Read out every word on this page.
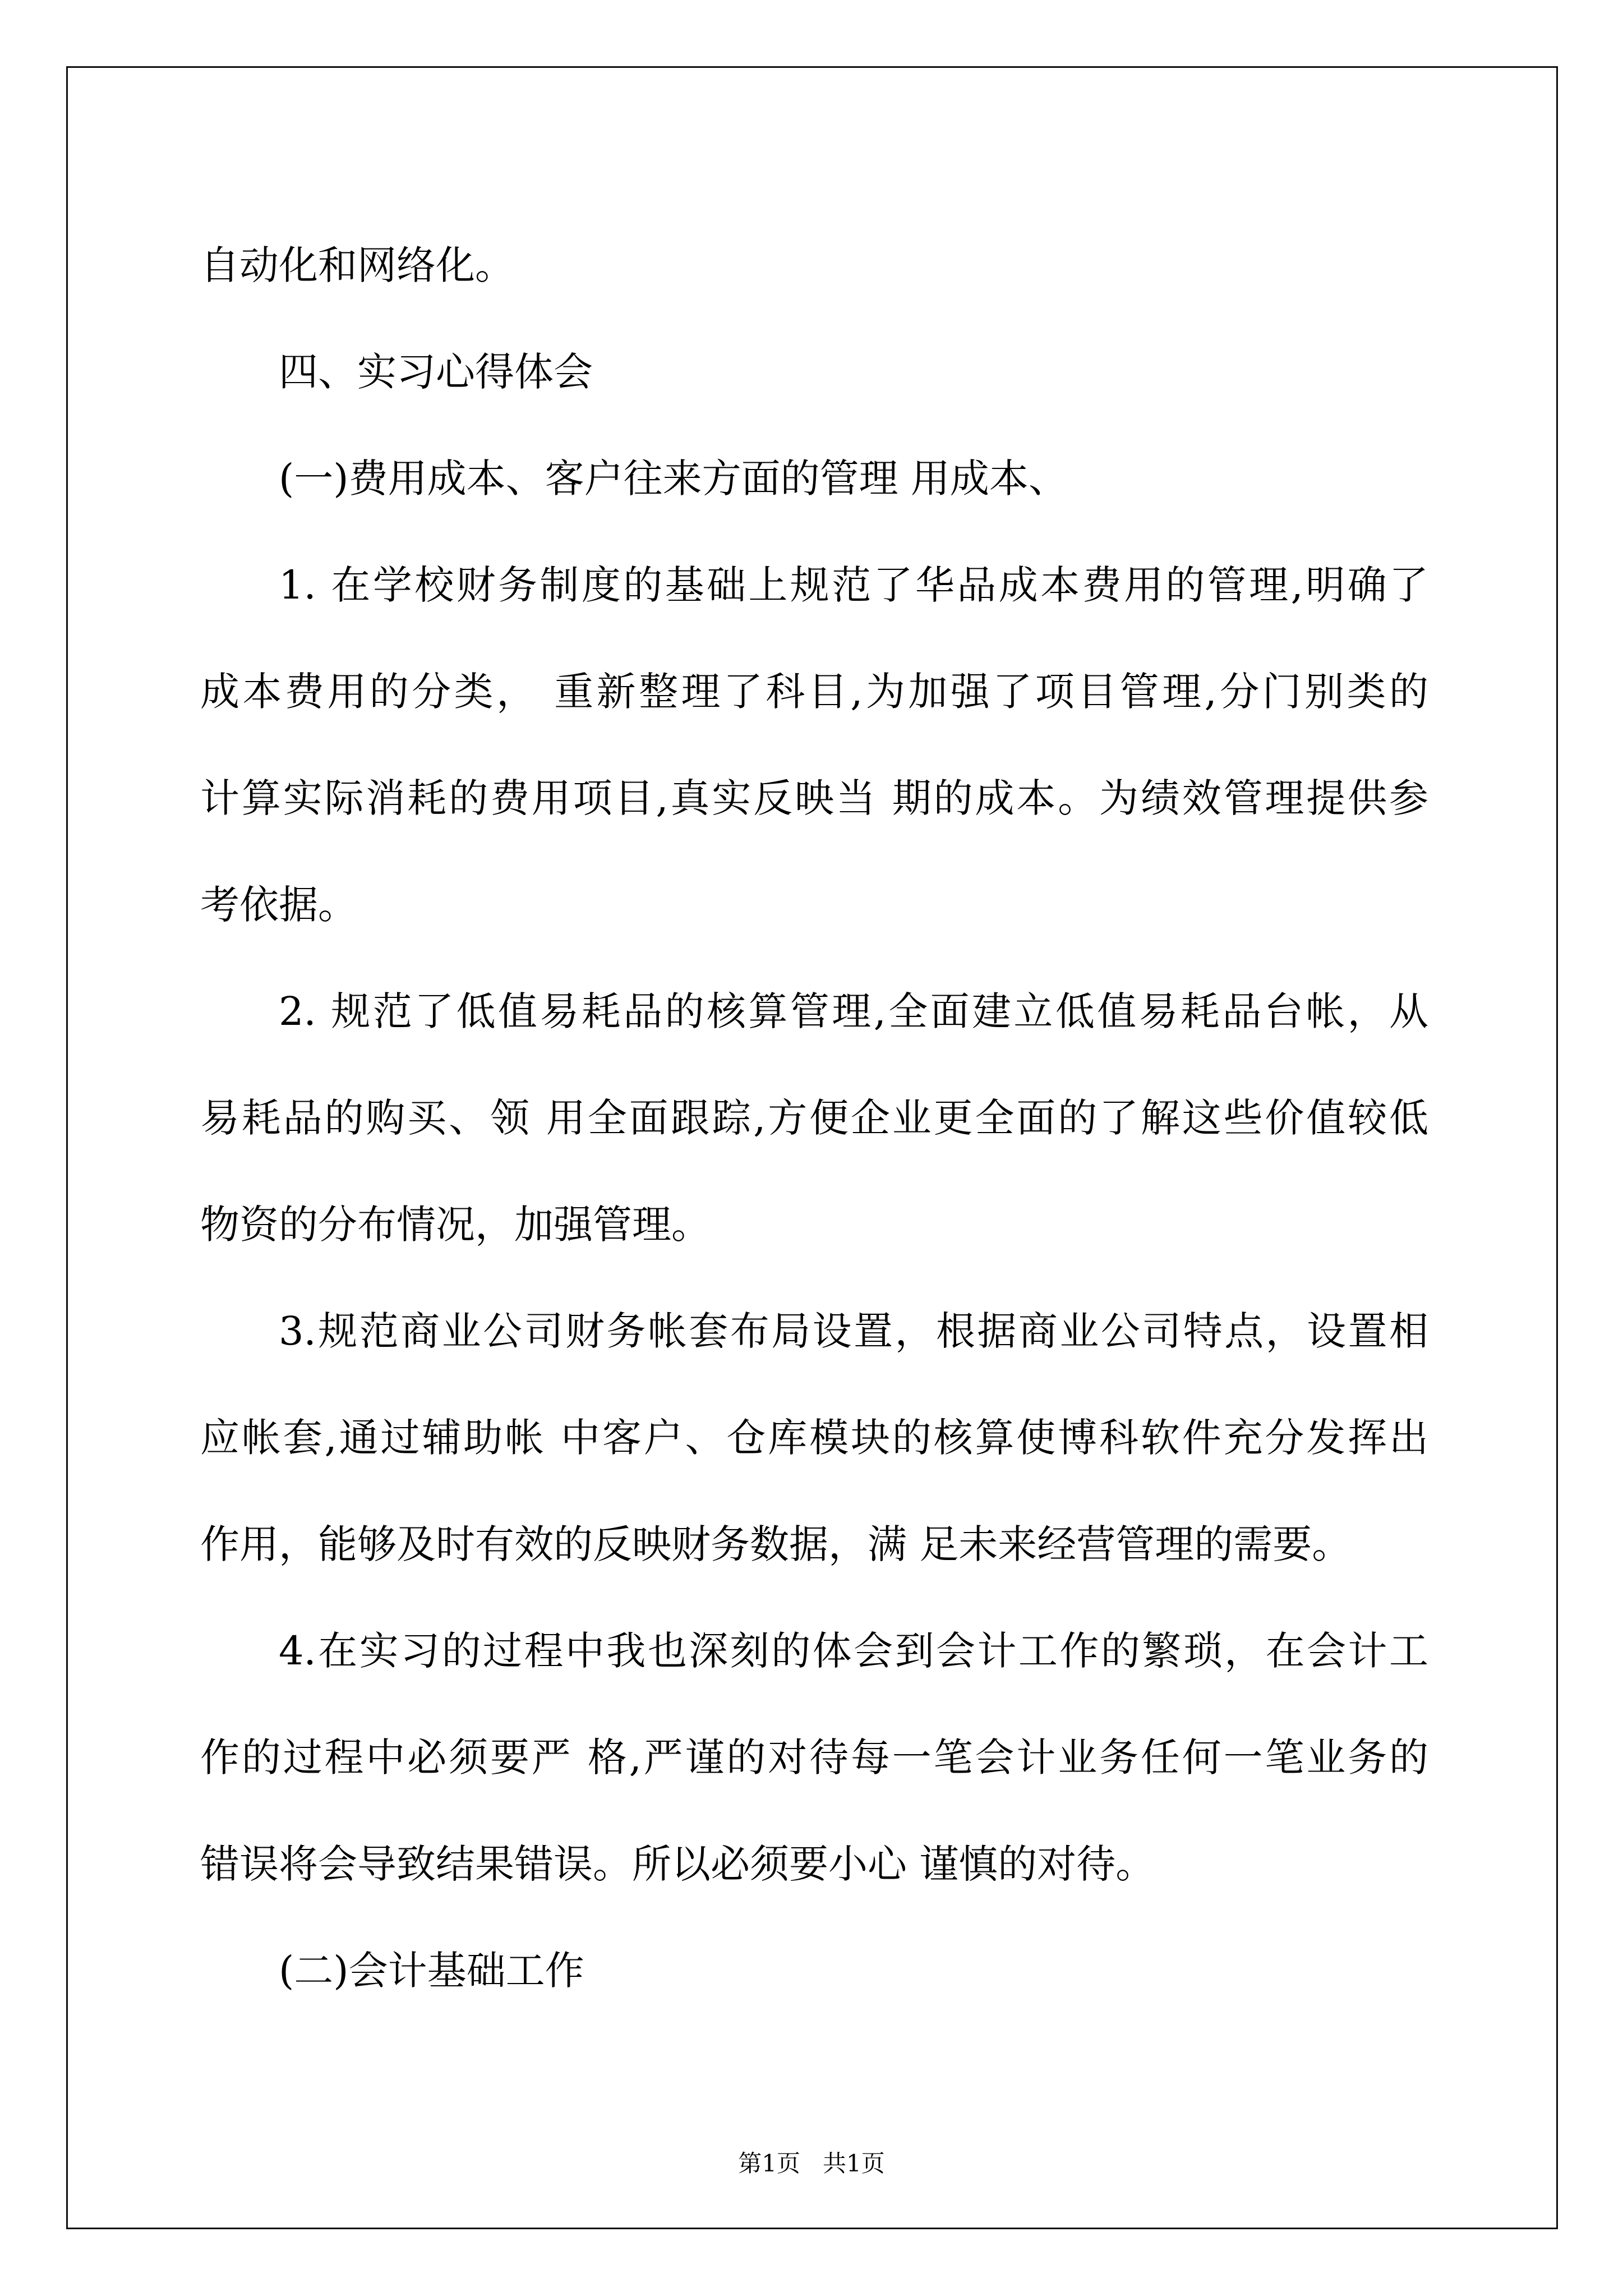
自动化和网络化。
四、实习心得体会
(一)费用成本、客户往来方面的管理 用成本、
1. 在学校财务制度的基础上规范了华品成本费用的管理,明确了
成本费用的分类， 重新整理了科目,为加强了项目管理,分门别类的
计算实际消耗的费用项目,真实反映当 期的成本。为绩效管理提供参
考依据。
2. 规范了低值易耗品的核算管理,全面建立低值易耗品台帐，从
易耗品的购买、领 用全面跟踪,方便企业更全面的了解这些价值较低
物资的分布情况，加强管理。
3.规范商业公司财务帐套布局设置，根据商业公司特点，设置相
应帐套,通过辅助帐 中客户、仓库模块的核算使博科软件充分发挥出
作用，能够及时有效的反映财务数据，满 足未来经营管理的需要。
4.在实习的过程中我也深刻的体会到会计工作的繁琐，在会计工
作的过程中必须要严 格,严谨的对待每一笔会计业务任何一笔业务的
错误将会导致结果错误。所以必须要小心 谨慎的对待。
(二)会计基础工作
第1页   共1页
